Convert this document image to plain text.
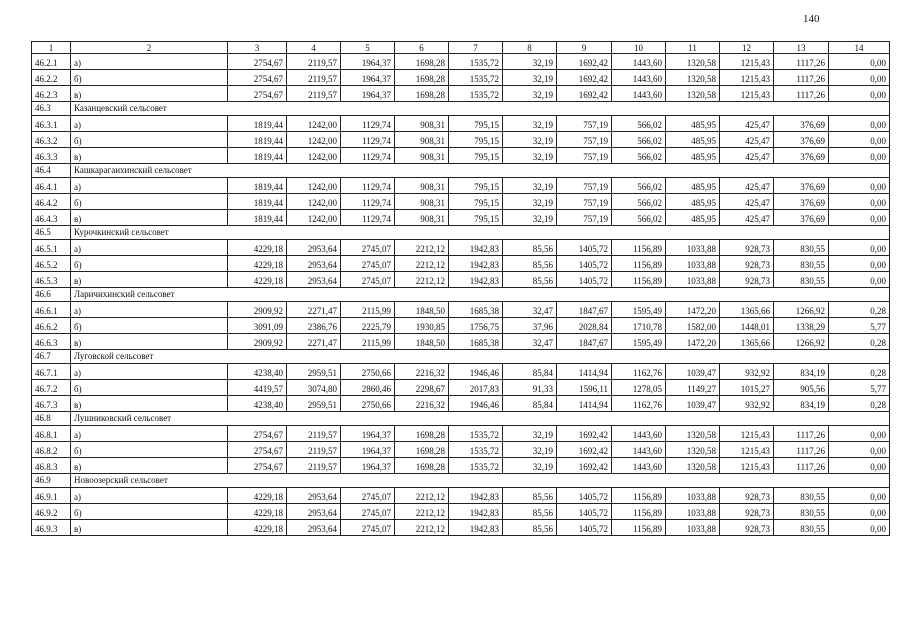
140
1	2	3	4	5	6	7	8	9	10	11	12	13	14
46.2.1	а)	2754,67	2119,57	1964,37	1698,28	1535,72	32,19	1692,42	1443,60	1320,58	1215,43	1117,26	0,00
46.2.2	б)	2754,67	2119,57	1964,37	1698,28	1535,72	32,19	1692,42	1443,60	1320,58	1215,43	1117,26	0,00
46.2.3	в)	2754,67	2119,57	1964,37	1698,28	1535,72	32,19	1692,42	1443,60	1320,58	1215,43	1117,26	0,00
46.3	Казанцевский сельсовет												
46.3.1	а)	1819,44	1242,00	1129,74	908,31	795,15	32,19	757,19	566,02	485,95	425,47	376,69	0,00
46.3.2	б)	1819,44	1242,00	1129,74	908,31	795,15	32,19	757,19	566,02	485,95	425,47	376,69	0,00
46.3.3	в)	1819,44	1242,00	1129,74	908,31	795,15	32,19	757,19	566,02	485,95	425,47	376,69	0,00
46.4	Кашкарагаихинский сельсовет												
46.4.1	а)	1819,44	1242,00	1129,74	908,31	795,15	32,19	757,19	566,02	485,95	425,47	376,69	0,00
46.4.2	б)	1819,44	1242,00	1129,74	908,31	795,15	32,19	757,19	566,02	485,95	425,47	376,69	0,00
46.4.3	в)	1819,44	1242,00	1129,74	908,31	795,15	32,19	757,19	566,02	485,95	425,47	376,69	0,00
46.5	Курочкинский сельсовет												
46.5.1	а)	4229,18	2953,64	2745,07	2212,12	1942,83	85,56	1405,72	1156,89	1033,88	928,73	830,55	0,00
46.5.2	б)	4229,18	2953,64	2745,07	2212,12	1942,83	85,56	1405,72	1156,89	1033,88	928,73	830,55	0,00
46.5.3	в)	4229,18	2953,64	2745,07	2212,12	1942,83	85,56	1405,72	1156,89	1033,88	928,73	830,55	0,00
46.6	Ларичихинский сельсовет												
46.6.1	а)	2909,92	2271,47	2115,99	1848,50	1685,38	32,47	1847,67	1595,49	1472,20	1365,66	1266,92	0,28
46.6.2	б)	3091,09	2386,76	2225,79	1930,85	1756,75	37,96	2028,84	1710,78	1582,00	1448,01	1338,29	5,77
46.6.3	в)	2909,92	2271,47	2115,99	1848,50	1685,38	32,47	1847,67	1595,49	1472,20	1365,66	1266,92	0,28
46.7	Луговской сельсовет												
46.7.1	а)	4238,40	2959,51	2750,66	2216,32	1946,46	85,84	1414,94	1162,76	1039,47	932,92	834,19	0,28
46.7.2	б)	4419,57	3074,80	2860,46	2298,67	2017,83	91,33	1596,11	1278,05	1149,27	1015,27	905,56	5,77
46.7.3	в)	4238,40	2959,51	2750,66	2216,32	1946,46	85,84	1414,94	1162,76	1039,47	932,92	834,19	0,28
46.8	Лушниковский сельсовет												
46.8.1	а)	2754,67	2119,57	1964,37	1698,28	1535,72	32,19	1692,42	1443,60	1320,58	1215,43	1117,26	0,00
46.8.2	б)	2754,67	2119,57	1964,37	1698,28	1535,72	32,19	1692,42	1443,60	1320,58	1215,43	1117,26	0,00
46.8.3	в)	2754,67	2119,57	1964,37	1698,28	1535,72	32,19	1692,42	1443,60	1320,58	1215,43	1117,26	0,00
46.9	Новоозерский сельсовет												
46.9.1	а)	4229,18	2953,64	2745,07	2212,12	1942,83	85,56	1405,72	1156,89	1033,88	928,73	830,55	0,00
46.9.2	б)	4229,18	2953,64	2745,07	2212,12	1942,83	85,56	1405,72	1156,89	1033,88	928,73	830,55	0,00
46.9.3	в)	4229,18	2953,64	2745,07	2212,12	1942,83	85,56	1405,72	1156,89	1033,88	928,73	830,55	0,00
